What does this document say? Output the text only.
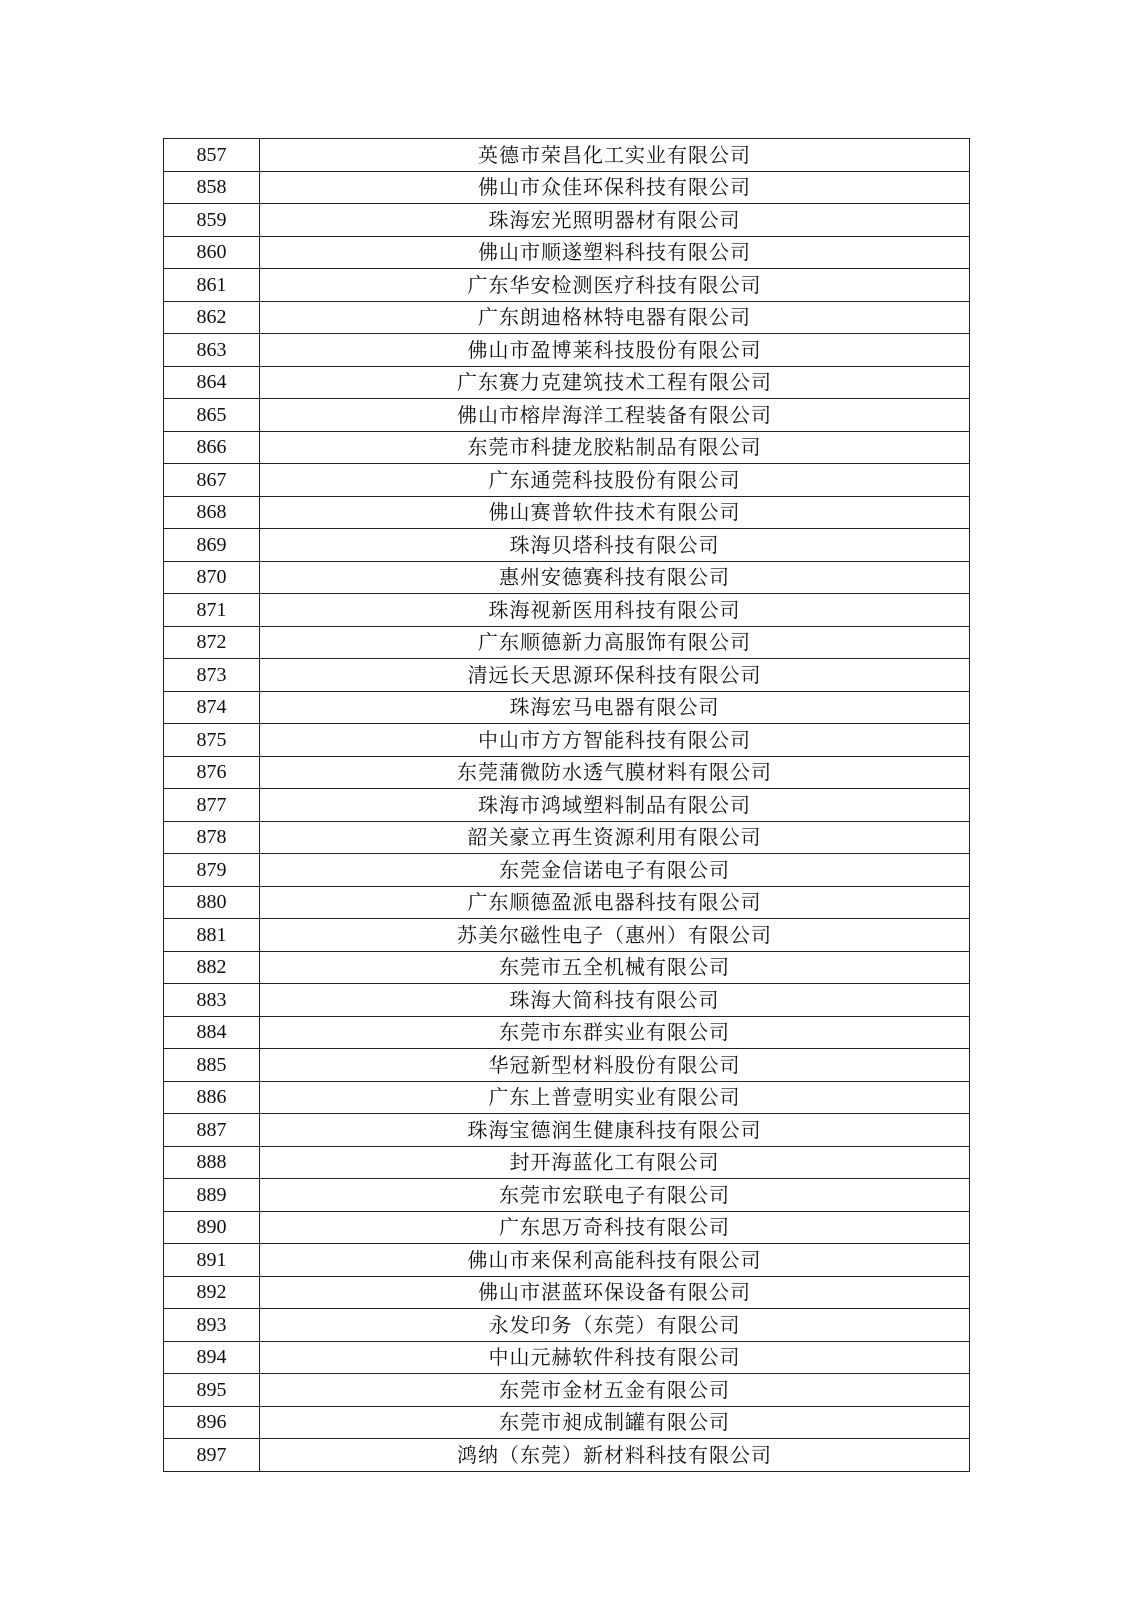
857	英德市荣昌化工实业有限公司
858	佛山市众佳环保科技有限公司
859	珠海宏光照明器材有限公司
860	佛山市顺遂塑料科技有限公司
861	广东华安检测医疗科技有限公司
862	广东朗迪格林特电器有限公司
863	佛山市盈博莱科技股份有限公司
864	广东赛力克建筑技术工程有限公司
865	佛山市榕岸海洋工程装备有限公司
866	东莞市科捷龙胶粘制品有限公司
867	广东通莞科技股份有限公司
868	佛山赛普软件技术有限公司
869	珠海贝塔科技有限公司
870	惠州安德赛科技有限公司
871	珠海视新医用科技有限公司
872	广东顺德新力高服饰有限公司
873	清远长天思源环保科技有限公司
874	珠海宏马电器有限公司
875	中山市方方智能科技有限公司
876	东莞蒲微防水透气膜材料有限公司
877	珠海市鸿域塑料制品有限公司
878	韶关豪立再生资源利用有限公司
879	东莞金信诺电子有限公司
880	广东顺德盈派电器科技有限公司
881	苏美尔磁性电子（惠州）有限公司
882	东莞市五全机械有限公司
883	珠海大简科技有限公司
884	东莞市东群实业有限公司
885	华冠新型材料股份有限公司
886	广东上普壹明实业有限公司
887	珠海宝德润生健康科技有限公司
888	封开海蓝化工有限公司
889	东莞市宏联电子有限公司
890	广东思万奇科技有限公司
891	佛山市来保利高能科技有限公司
892	佛山市湛蓝环保设备有限公司
893	永发印务（东莞）有限公司
894	中山元赫软件科技有限公司
895	东莞市金材五金有限公司
896	东莞市昶成制罐有限公司
897	鸿纳（东莞）新材料科技有限公司
